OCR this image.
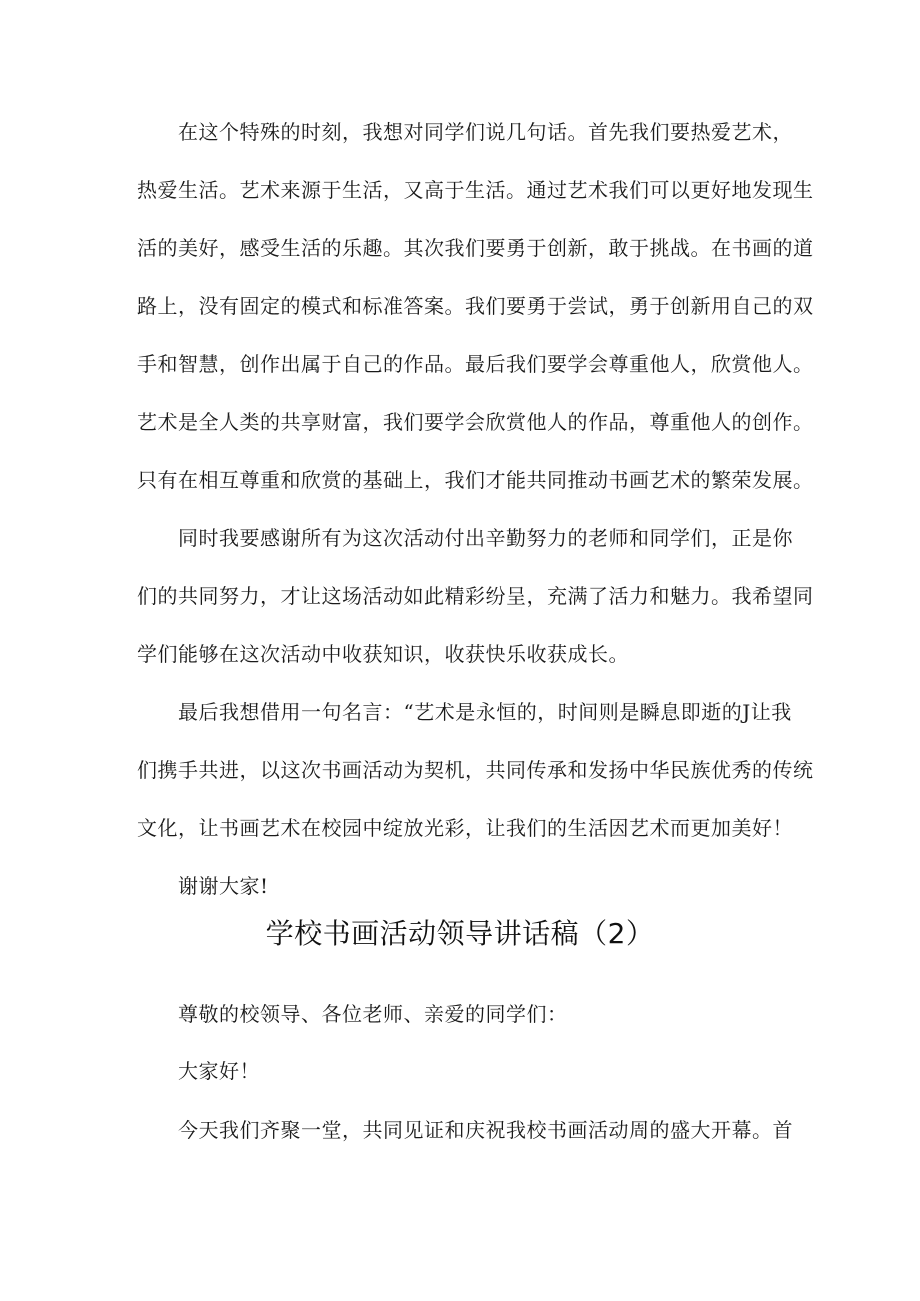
在这个特殊的时刻，我想对同学们说几句话。首先我们要热爱艺术，
热爱生活。艺术来源于生活，又高于生活。通过艺术我们可以更好地发现生
活的美好，感受生活的乐趣。其次我们要勇于创新，敢于挑战。在书画的道
路上，没有固定的模式和标准答案。我们要勇于尝试，勇于创新用自己的双
手和智慧，创作出属于自己的作品。最后我们要学会尊重他人，欣赏他人。
艺术是全人类的共享财富，我们要学会欣赏他人的作品，尊重他人的创作。
只有在相互尊重和欣赏的基础上，我们才能共同推动书画艺术的繁荣发展。
同时我要感谢所有为这次活动付出辛勤努力的老师和同学们，正是你
们的共同努力，才让这场活动如此精彩纷呈，充满了活力和魅力。我希望同
学们能够在这次活动中收获知识，收获快乐收获成长。
最后我想借用一句名言：“艺术是永恒的，时间则是瞬息即逝的J让我
们携手共进，以这次书画活动为契机，共同传承和发扬中华民族优秀的传统
文化，让书画艺术在校园中绽放光彩，让我们的生活因艺术而更加美好！
谢谢大家!
学校书画活动领导讲话稿（2）
尊敬的校领导、各位老师、亲爱的同学们：
大家好！
今天我们齐聚一堂，共同见证和庆祝我校书画活动周的盛大开幕。首
